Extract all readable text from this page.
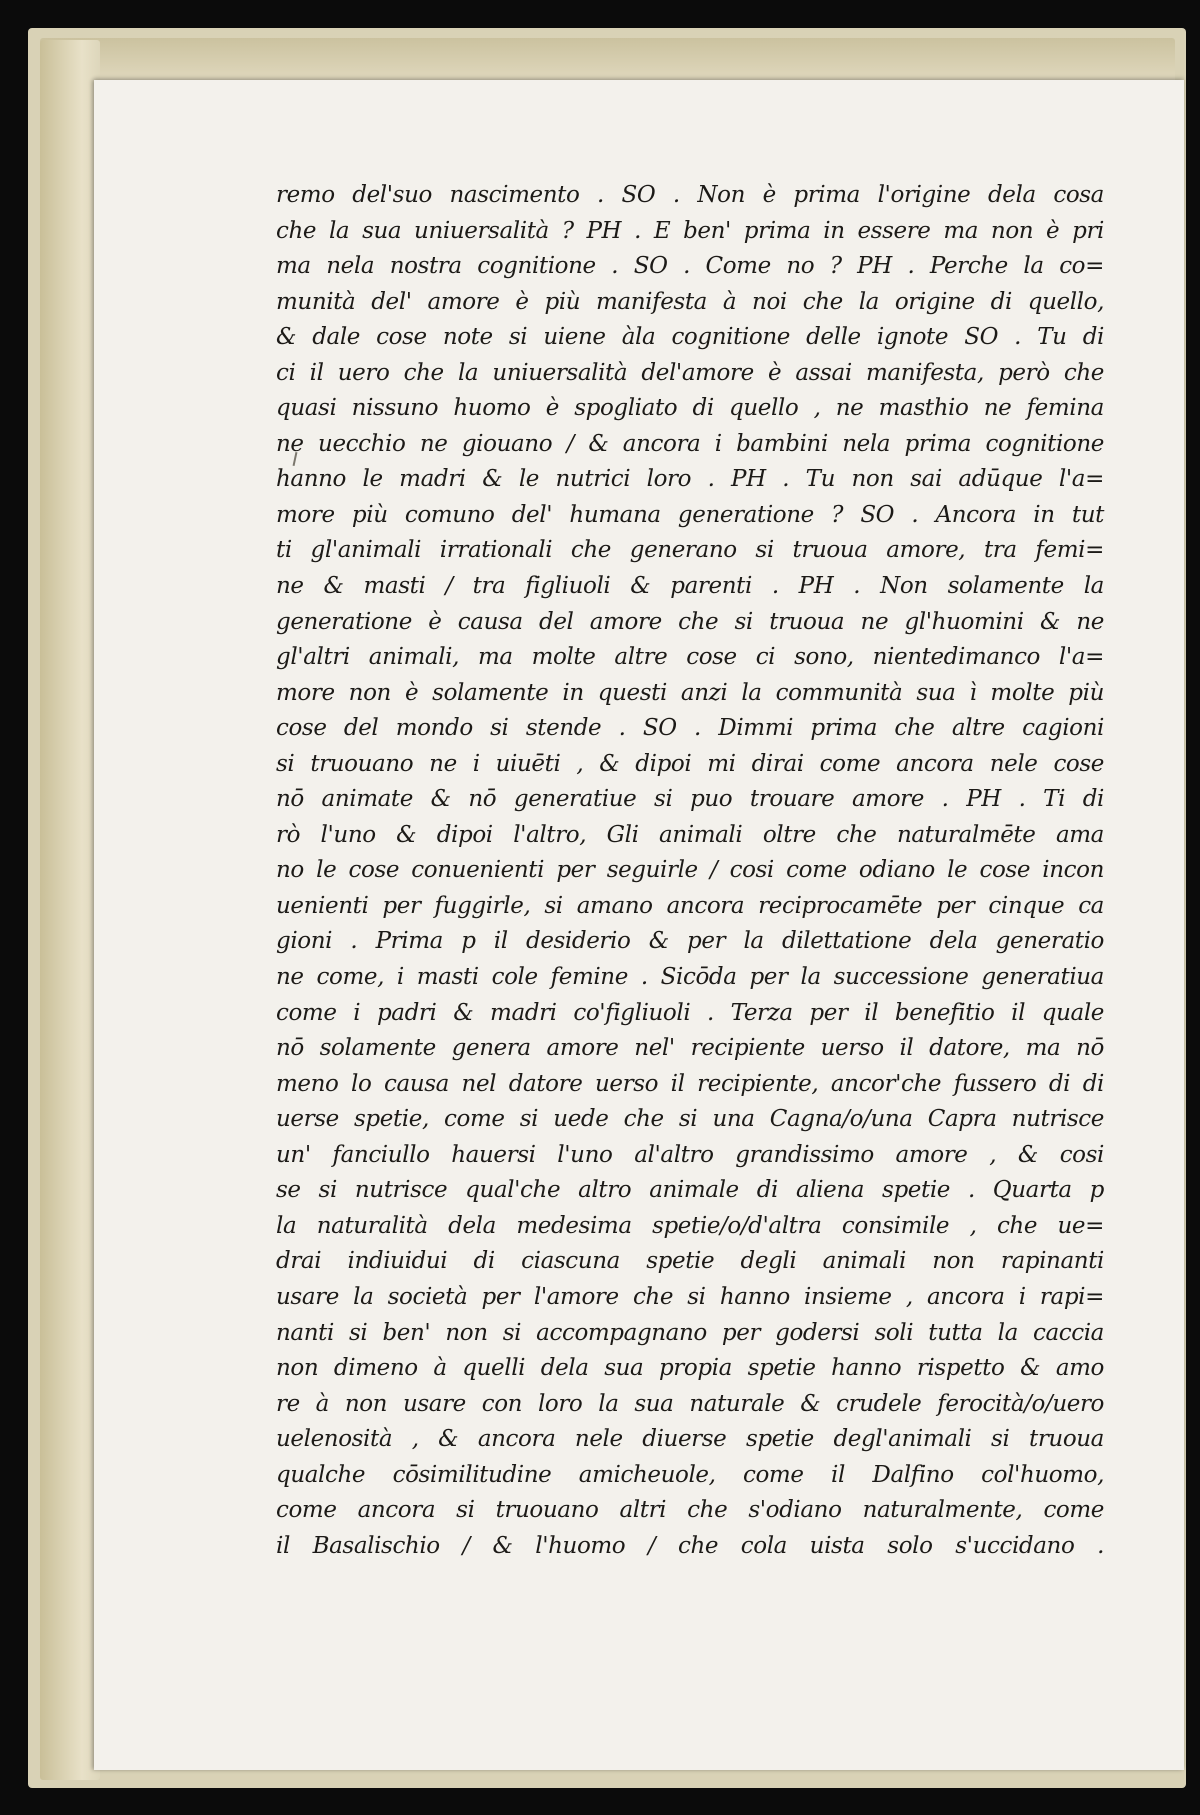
remo del'suo nascimento . SO . Non è prima l'origine dela cosa
che la sua uniuersalità ? PH . E ben' prima in essere ma non è pri
ma nela nostra cognitione . SO . Come no ? PH . Perche la co=
munità del' amore è più manifesta à noi che la origine di quello,
& dale cose note si uiene àla cognitione delle ignote SO . Tu di
ci il uero che la uniuersalità del'amore è assai manifesta, però che
quasi nissuno huomo è spogliato di quello , ne masthio ne femina
ne uecchio ne giouano / & ancora i bambini nela prima cognitione
hanno le madri & le nutrici loro . PH . Tu non sai adūque l'a=
more più comuno del' humana generatione ? SO . Ancora in tut
ti gl'animali irrationali che generano si truoua amore, tra femi=
ne & masti / tra figliuoli & parenti . PH . Non solamente la
generatione è causa del amore che si truoua ne gl'huomini & ne
gl'altri animali, ma molte altre cose ci sono, nientedimanco l'a=
more non è solamente in questi anzi la communità sua ì molte più
cose del mondo si stende . SO . Dimmi prima che altre cagioni
si truouano ne i uiuēti , & dipoi mi dirai come ancora nele cose
nō animate & nō generatiue si puo trouare amore . PH . Ti di
rò l'uno & dipoi l'altro, Gli animali oltre che naturalmēte ama
no le cose conuenienti per seguirle / cosi come odiano le cose incon
uenienti per fuggirle, si amano ancora reciprocamēte per cinque ca
gioni . Prima p il desiderio & per la dilettatione dela generatio
ne come, i masti cole femine . Sicōda per la successione generatiua
come i padri & madri co'figliuoli . Terza per il benefitio il quale
nō solamente genera amore nel' recipiente uerso il datore, ma nō
meno lo causa nel datore uerso il recipiente, ancor'che fussero di di
uerse spetie, come si uede che si una Cagna/o/una Capra nutrisce
un' fanciullo hauersi l'uno al'altro grandissimo amore , & cosi
se si nutrisce qual'che altro animale di aliena spetie . Quarta p
la naturalità dela medesima spetie/o/d'altra consimile , che ue=
drai indiuidui di ciascuna spetie degli animali non rapinanti
usare la società per l'amore che si hanno insieme , ancora i rapi=
nanti si ben' non si accompagnano per godersi soli tutta la caccia
non dimeno à quelli dela sua propia spetie hanno rispetto & amo
re à non usare con loro la sua naturale & crudele ferocità/o/uero
uelenosità , & ancora nele diuerse spetie degl'animali si truoua
qualche cōsimilitudine amicheuole, come il Dalfino col'huomo,
come ancora si truouano altri che s'odiano naturalmente, come
il Basalischio / & l'huomo / che cola uista solo s'uccidano .
